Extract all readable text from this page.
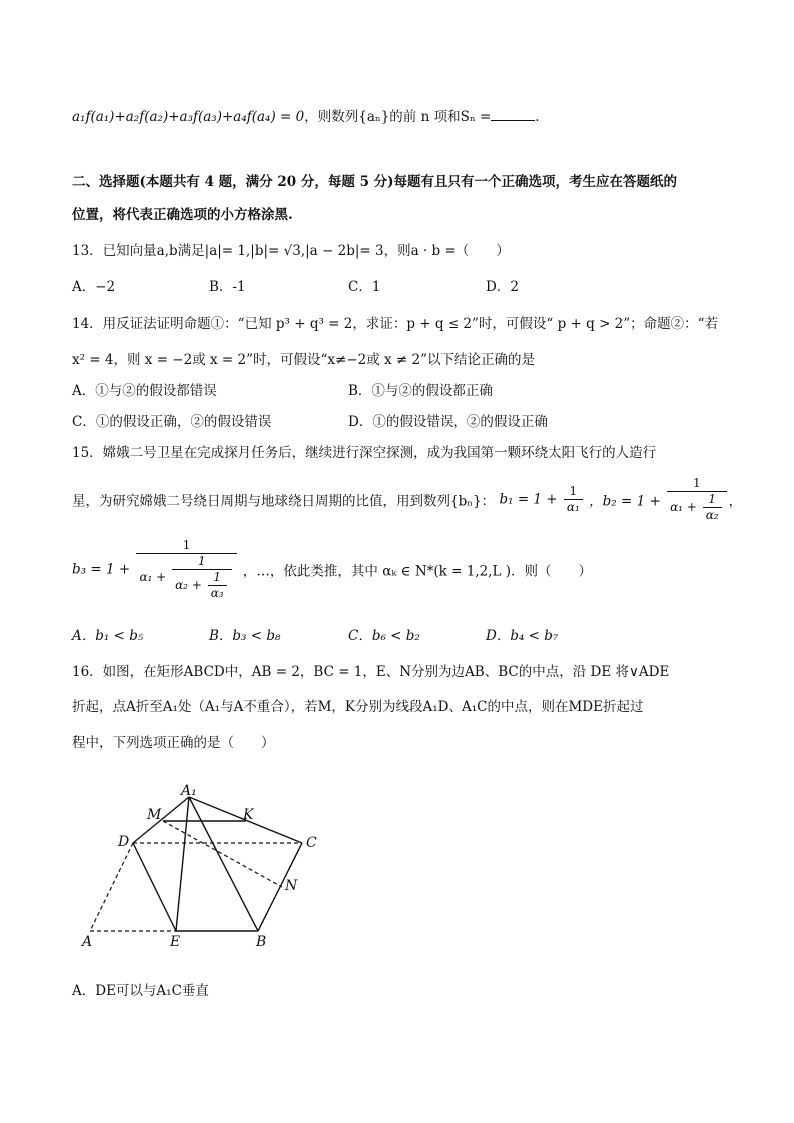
a₁f(a₁)+a₂f(a₂)+a₃f(a₃)+a₄f(a₄) = 0，则数列{aₙ}的前 n 项和Sₙ =	.
二、选择题(本题共有 4 题，满分 20 分，每题 5 分)每题有且只有一个正确选项，考生应在答题纸的
位置，将代表正确选项的小方格涂黑.
13．已知向量a,b满足|a|= 1,|b|= √3,|a − 2b|= 3，则a · b =（　　）
A．−2	B．-1	C．1	D．2
14．用反证法证明命题①：“已知 p³ + q³ = 2，求证：p + q ≤ 2”时，可假设“ p + q > 2”；命题②：“若
x² = 4，则 x = −2或 x = 2”时，可假设“x≠−2或 x ≠ 2”以下结论正确的是
A．①与②的假设都错误	B．①与②的假设都正确
C．①的假设正确，②的假设错误	D．①的假设错误，②的假设正确
15．嫦娥二号卫星在完成探月任务后，继续进行深空探测，成为我国第一颗环绕太阳飞行的人造行
星，为研究嫦娥二号绕日周期与地球绕日周期的比值，用到数列{bₙ}： $b_1 = 1 + \frac{1}{\text{α₁}}$ ，$b_2 = 1 + \frac{1}{\alpha_1 + \frac{1}{\text{α₂}}}$ ，
b₃ = 1 +
1
$\alpha_1 + \frac{1}{\alpha_2 + \frac{1}{\text{α₃}}}$ ，…，依此类推，其中 αₖ ∈ N*(k = 1,2,L )．则（　　）
A．b₁ < b₅	B．b₃ < b₈	C．b₆ < b₂	D．b₄ < b₇
16．如图，在矩形ABCD中，AB = 2，BC = 1，E、N分别为边AB、BC的中点，沿 DE 将∨ADE
折起，点A折至A₁处（A₁与A不重合），若M，K分别为线段A₁D、A₁C的中点，则在MDE折起过
程中，下列选项正确的是（　　）
A₁
M	K
D	C
N
A	E	B
A．DE可以与A₁C垂直
